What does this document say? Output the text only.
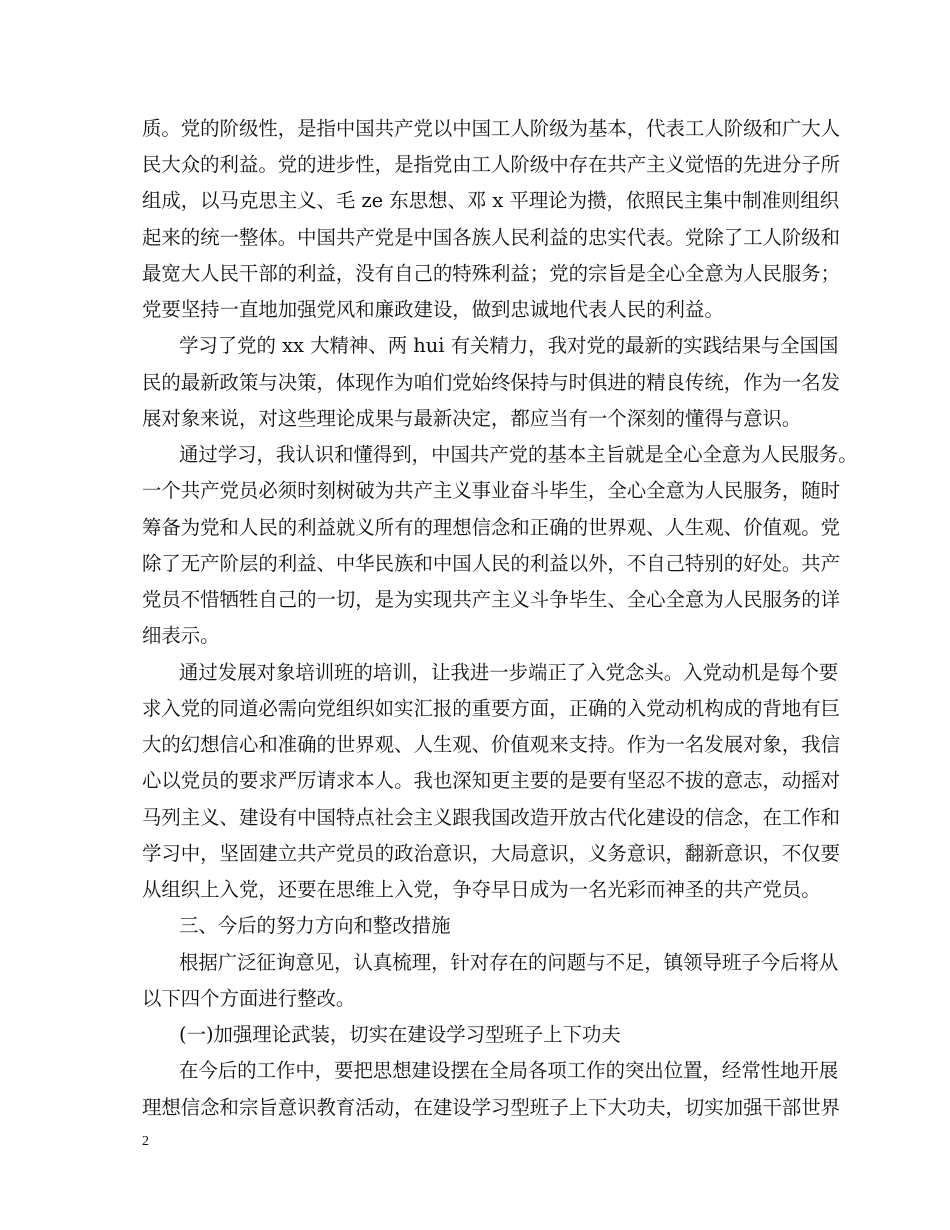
质。党的阶级性，是指中国共产党以中国工人阶级为基本，代表工人阶级和广大人
民大众的利益。党的进步性，是指党由工人阶级中存在共产主义觉悟的先进分子所
组成，以马克思主义、毛 ze 东思想、邓 x 平理论为攒，依照民主集中制准则组织
起来的统一整体。中国共产党是中国各族人民利益的忠实代表。党除了工人阶级和
最宽大人民干部的利益，没有自己的特殊利益；党的宗旨是全心全意为人民服务；
党要坚持一直地加强党风和廉政建设，做到忠诚地代表人民的利益。
学习了党的 xx 大精神、两 hui 有关精力，我对党的最新的实践结果与全国国
民的最新政策与决策，体现作为咱们党始终保持与时俱进的精良传统，作为一名发
展对象来说，对这些理论成果与最新决定，都应当有一个深刻的懂得与意识。
通过学习，我认识和懂得到，中国共产党的基本主旨就是全心全意为人民服务。
一个共产党员必须时刻树破为共产主义事业奋斗毕生，全心全意为人民服务，随时
筹备为党和人民的利益就义所有的理想信念和正确的世界观、人生观、价值观。党
除了无产阶层的利益、中华民族和中国人民的利益以外，不自己特别的好处。共产
党员不惜牺牲自己的一切，是为实现共产主义斗争毕生、全心全意为人民服务的详
细表示。
通过发展对象培训班的培训，让我进一步端正了入党念头。入党动机是每个要
求入党的同道必需向党组织如实汇报的重要方面，正确的入党动机构成的背地有巨
大的幻想信心和准确的世界观、人生观、价值观来支持。作为一名发展对象，我信
心以党员的要求严厉请求本人。我也深知更主要的是要有坚忍不拔的意志，动摇对
马列主义、建设有中国特点社会主义跟我国改造开放古代化建设的信念，在工作和
学习中，坚固建立共产党员的政治意识，大局意识，义务意识，翻新意识，不仅要
从组织上入党，还要在思维上入党，争夺早日成为一名光彩而神圣的共产党员。
三、今后的努力方向和整改措施
根据广泛征询意见，认真梳理，针对存在的问题与不足，镇领导班子今后将从
以下四个方面进行整改。
(一)加强理论武装，切实在建设学习型班子上下功夫
在今后的工作中，要把思想建设摆在全局各项工作的突出位置，经常性地开展
理想信念和宗旨意识教育活动，在建设学习型班子上下大功夫，切实加强干部世界
2
